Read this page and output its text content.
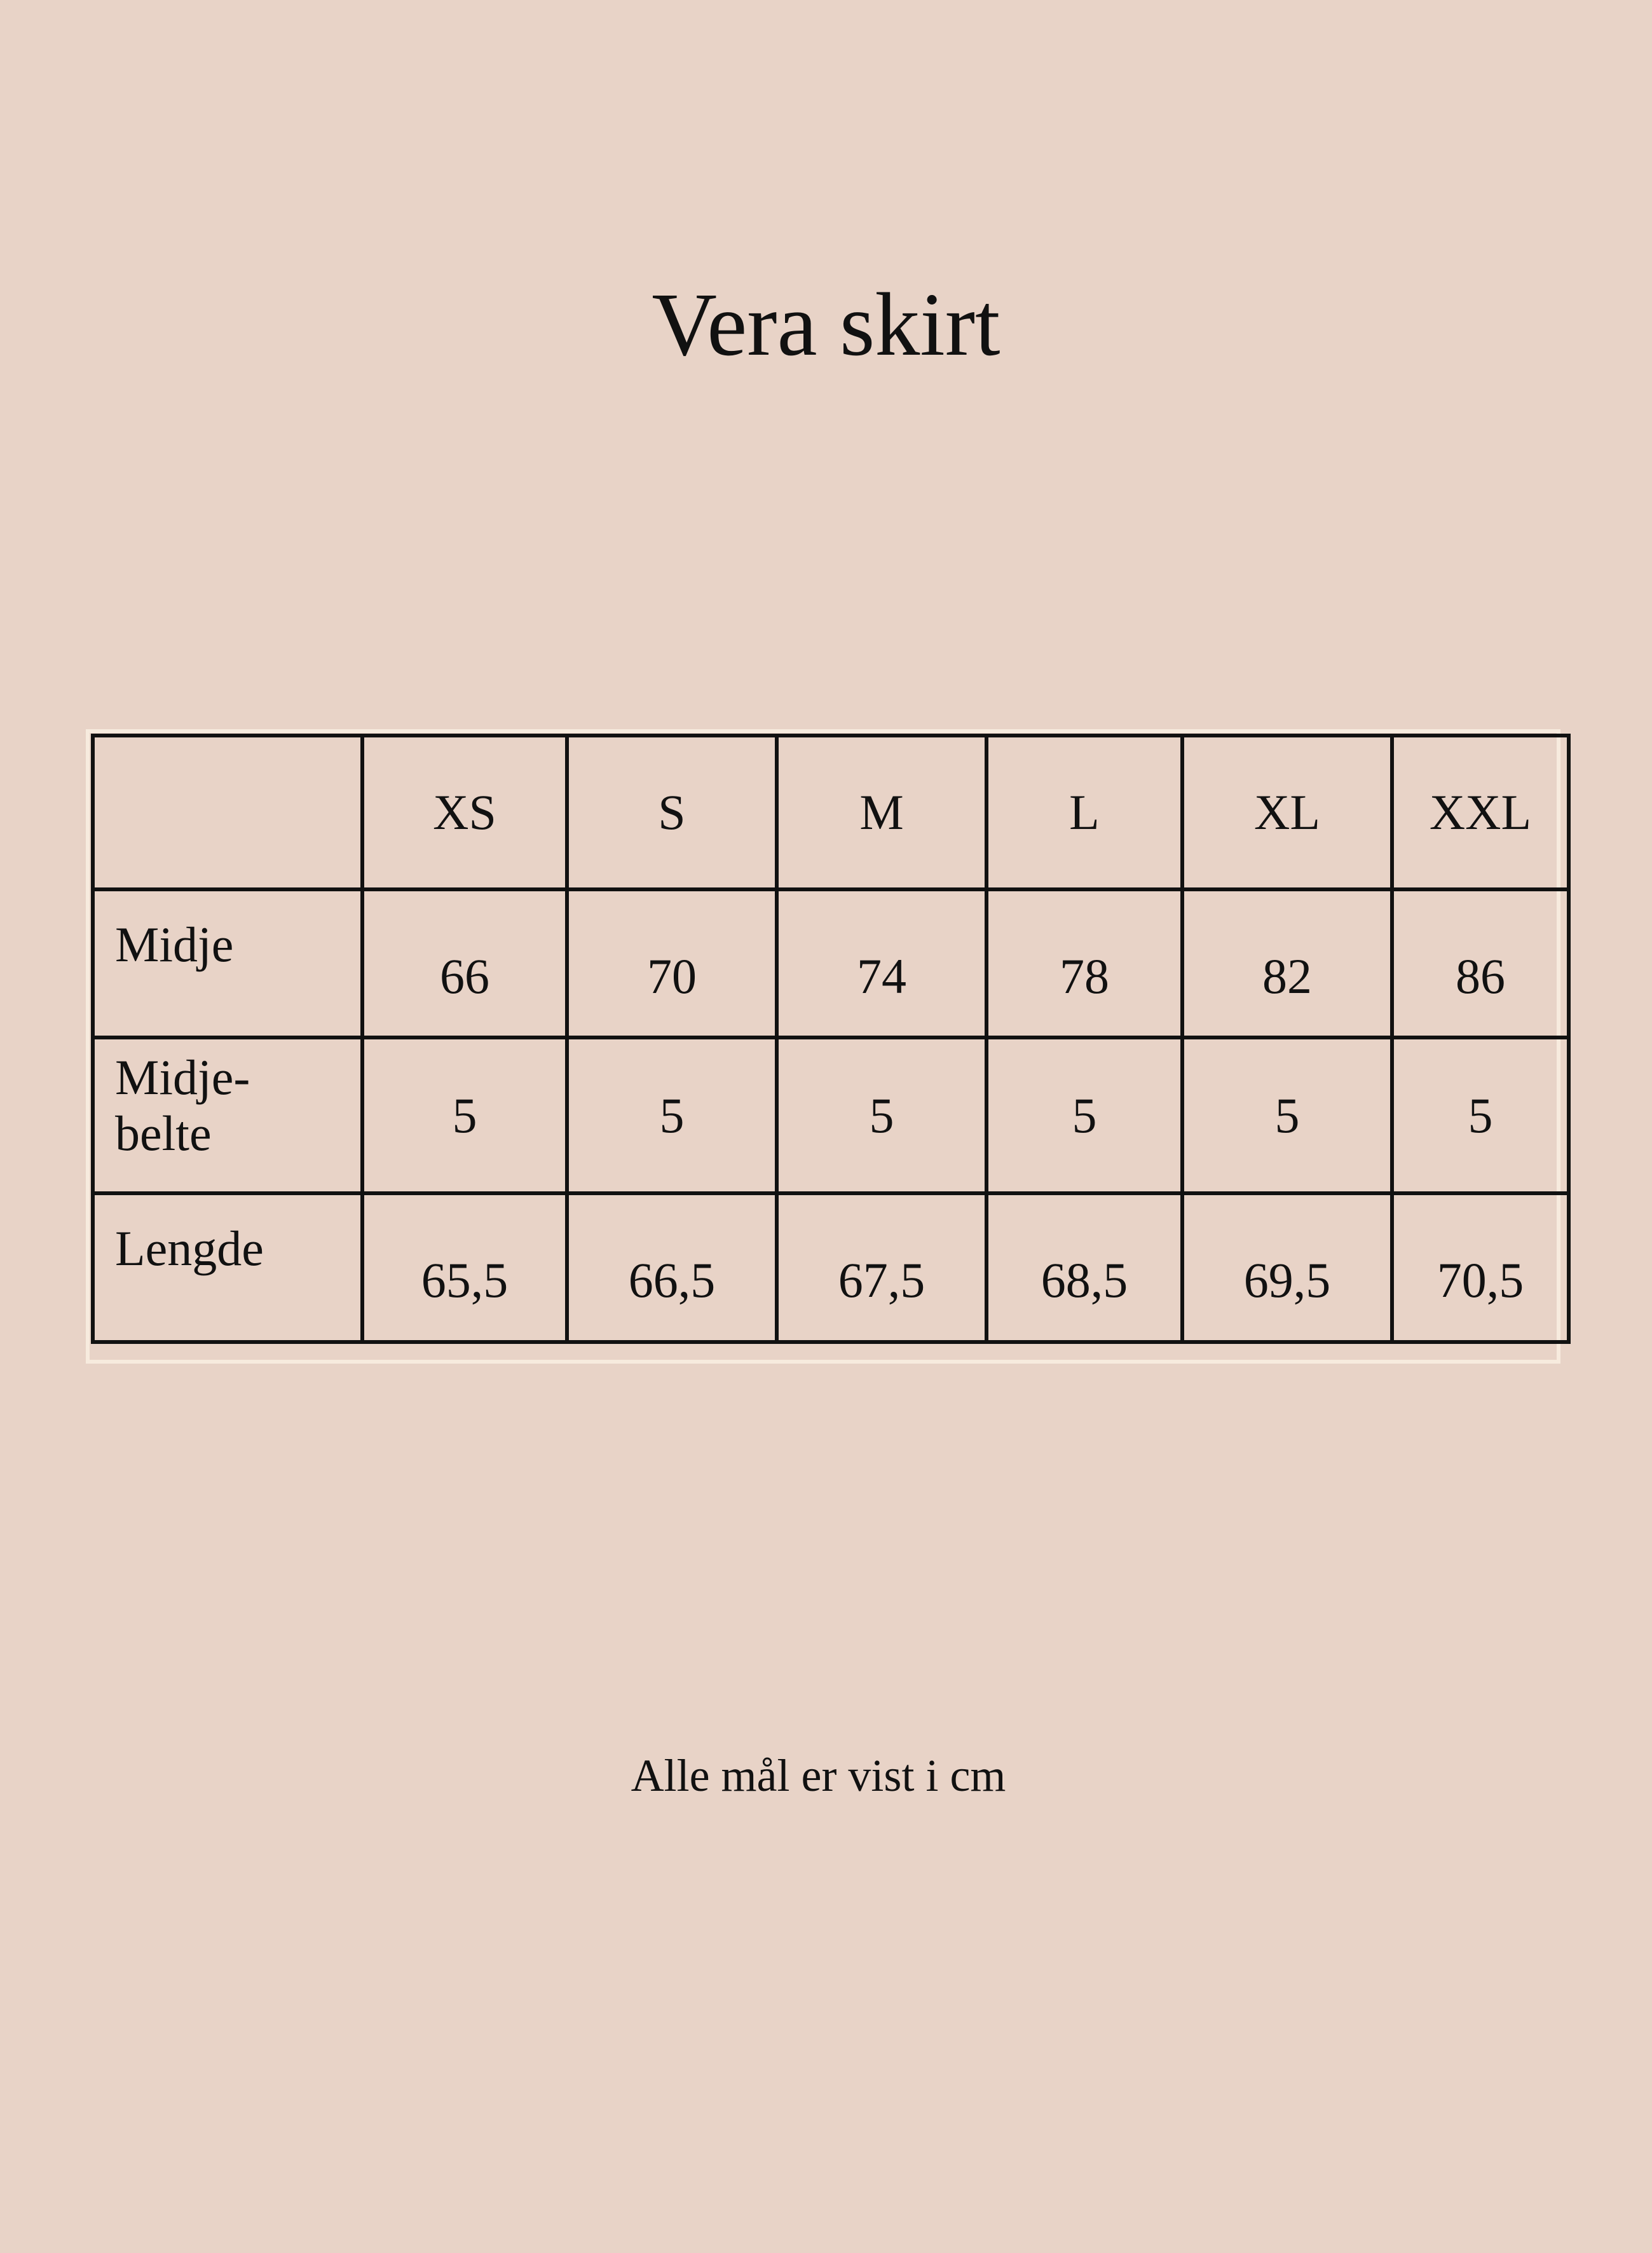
Vera skirt
	XS	S	M	L	XL	XXL
Midje	66	70	74	78	82	86

Midje-
belte	5	5	5	5	5	5
Lengde	65,5	66,5	67,5	68,5	69,5	70,5

Alle mål er vist i cm
